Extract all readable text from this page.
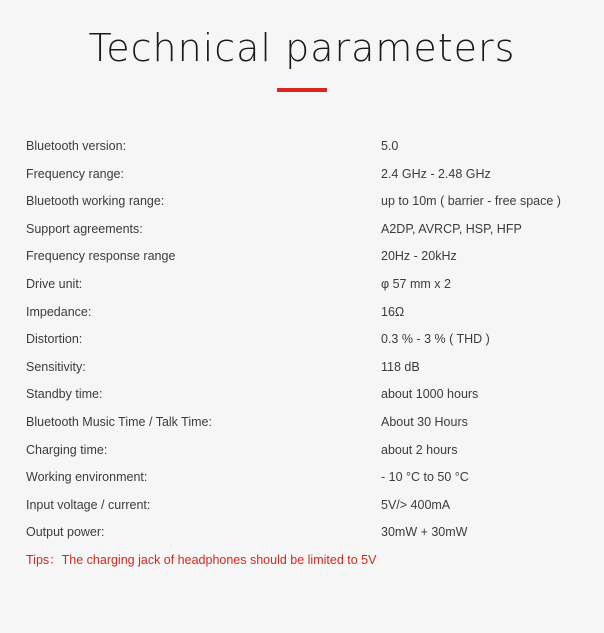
Technical parameters
Bluetooth version:	5.0
Frequency range:	2.4 GHz - 2.48 GHz
Bluetooth working range:	up to 10m ( barrier - free space )
Support agreements:	A2DP, AVRCP, HSP, HFP
Frequency response range	20Hz - 20kHz
Drive unit:	φ 57 mm x 2
Impedance:	16Ω
Distortion:	0.3 % - 3 % ( THD )
Sensitivity:	118 dB
Standby time:	about 1000 hours
Bluetooth Music Time / Talk Time:	About 30 Hours
Charging time:	about 2 hours
Working environment:	- 10 °C to 50 °C
Input voltage / current:	5V/> 400mA
Output power:	30mW + 30mW
Tips：The charging jack of headphones should be limited to 5V
